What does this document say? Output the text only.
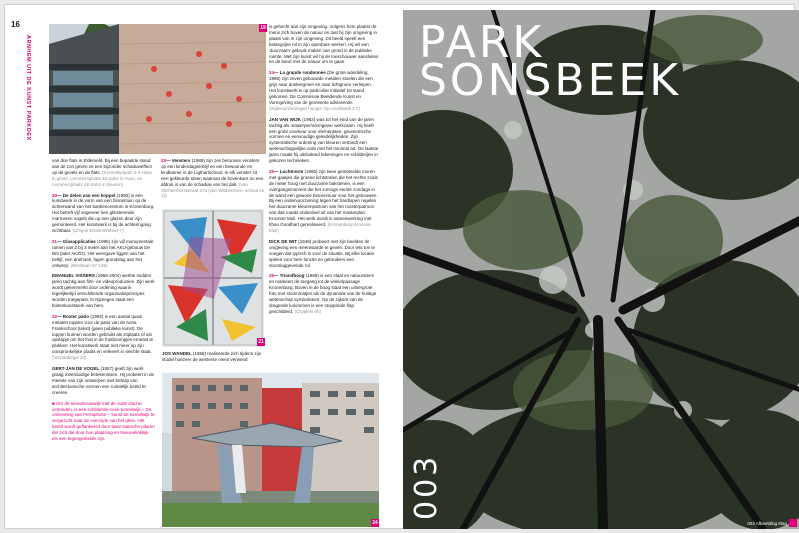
16
ARNHEM UIT DE KUNST PARKDEX
19

van drie flats in Elderveld. Bij een bepaalde stand van de zon geven ze een bijzonder schaduweffect op de gevels en de flats. (Kronnekplaats 0-4 stuks in gevel, Lemmersplaats 48 stuks in muur, en Lemmersplaats 48 stuks in kleuren)

20— De delen van een koppel (1990) is een kunstwerk in de vorm van een binnentuin op de achterwand van het bankencentrum in Kronenburg. Het betreft vijf ongeveer tien glinsterende marmeren vogels die op een glazen deur zijn gemonteerd. Het kunstwerk is bij de achteringang zichtbaar. (Chopin Elsinkmlrkheel 7)

21— Glasapplicaties (1995) zijn vijf monumentale ramen van 2 bij 3 meter aan het AKU-gebouw De Brit (later AKZO). Het weergave liggen van het beltijf, een driehoek, lagen grondslag aan het ontwerp. (Westlaan 57-135)

EMANUEL VISSERS (1956-2004) werkte midden jaren tachtig aan film- en videoproducties. Zijn werk wordt gekenmerkt door ordening waarin tegelijkertijd verschillende organisatieprincipes worden toegepast. In Nijmegen staat een buitenkunstwerk van hem.

22— Roxter patio (1992) is een aantal quasi metalen toppen voor de patio van de Anna Frankschool (tekst) (geen publieke kunst). De toppen kunnen worden gebruikt als zitplaats of als opstapje om het fruit in de fruitboompjes erneast te plukken. Het kunstwerk staat niet meer op zijn oorspronkelijke plaats en verkeert in slechte staat. (Verdaabegel 24)

GERT-JAN DE VOGEL (1957) geeft zijn werk graag meerduidige betekenissen. Hij probeert in de meeste van zijn ontwerpen met behulp van architectonische vormen een ruimtelijk beeld te creeren.

■ Om de nieuwbouwwijk met de oude stad te verbinden, is een schilderde-rooie tunnelwijk – De omleveling van Ferraphone – kunst de tunnelwijk te vergezicht naar de overzijde van het plein. Het beeld wordt geflankeerd door twee statische pilaren die zich die door hun plaatsing en Nieuwelinkkijk els een tegengestelde zijn.

23— Vensters (1989) zijn zes betonnen vensters op een kinderdagverblijf en een bewoonde en kindkamer in de Ligthartschool. In elk venster zit een gekleurde steen waarvan de bovenkant nu een afdruk is van de schaduw van het dak. (Van Slichtenhorststraat 27a (van Wibbenhorn, school en 1))

21

JOS WANDEL (1958) realiseerde zich tijdens zijn studie hoezeer de westerse mens verwend

is gehecht aan zijn omgeving. Volgens hem plaatst de mens zich boven de natuur en laat hij zijn omgeving in plaats van in zijn omgeving. Dit beeld speelt een belangrijke rol in zijn openbare werken. Hij wil een 'duurzaam' gebruik maken van grond in de publieke ruimte. Met zijn kunst wil hij de toeschouwer aansluiten en de band met de natuur om te gaan.

24— La grande rondonnée (De grote wandeling, 1996) zijn zeven gebouwde metalen stoelen die een grijs naar donkergroen en naar lichtgroen verliepen. Het kunstwerk is op particulier initiatief tot stand gekomen. De Commissie Beeldende Kunst en Vormgeving van de gemeente adviseerde. (Wijkvoorzieningen hoogte ziju voorbeeld 2,7)

JAN VAN WIJK (1962) was tot het eind van de jaren tachtig als ontwerper/vormgever werkzaam. Hij heeft een grote voorkeur voor elementaire, geometrische vormen en eenvoudige geleidelijkheden. Zijn systematische ordening van kleuren verbindt een wetenschappelijke orde met het minimal art. De laatste jaren maakt hij uitsluitend tekeningen en schilderijen in gekozen technieken.

25— Luchtnorm (1995) zijn twee gemetselde muren met gaatjes die groene lichtstralen die het rechte zoals de meter hoog met duurzame bakstenen, is een overgangsmoment die het zonnige eerste zondags in de wand een gewone binnenmuur voor het gebouwen. Bij een ondervoorziening tegen het hardlopen regelen het duurzame kleurenpatroon van het roosterpatroon van dak maakt onderdeel uit van het masterplan Kroonse Muil. Het werk wordt in samenwerking met Ithan Goodhart gerealiseerd. (Kronenburg Kroonse Muil)

DICK DE WIT (1948) probeert met zijn beelden de omgeving een meerwaarde te geven. Door iets toe te voegen dat typisch is voor de situatie. Bij elke locatie spelen voor hem functie en gebruikers een doorslaggevende rol.

26— Triomfboog (1989) is een staal en natuursteen en markeert de toegang tot de winkelpassage Kronenburg. Boven in de boog staat een uitvergrote foto met stoommatjes als de dynamiek van de huidige wetenschap symboliseert. Op de zijkant van de dragende kolommen is een stoppende flap geschilderd. (Cityplein 6h)

24
PARK
SONSBEEK
003
003 Afbeelding Ittag
